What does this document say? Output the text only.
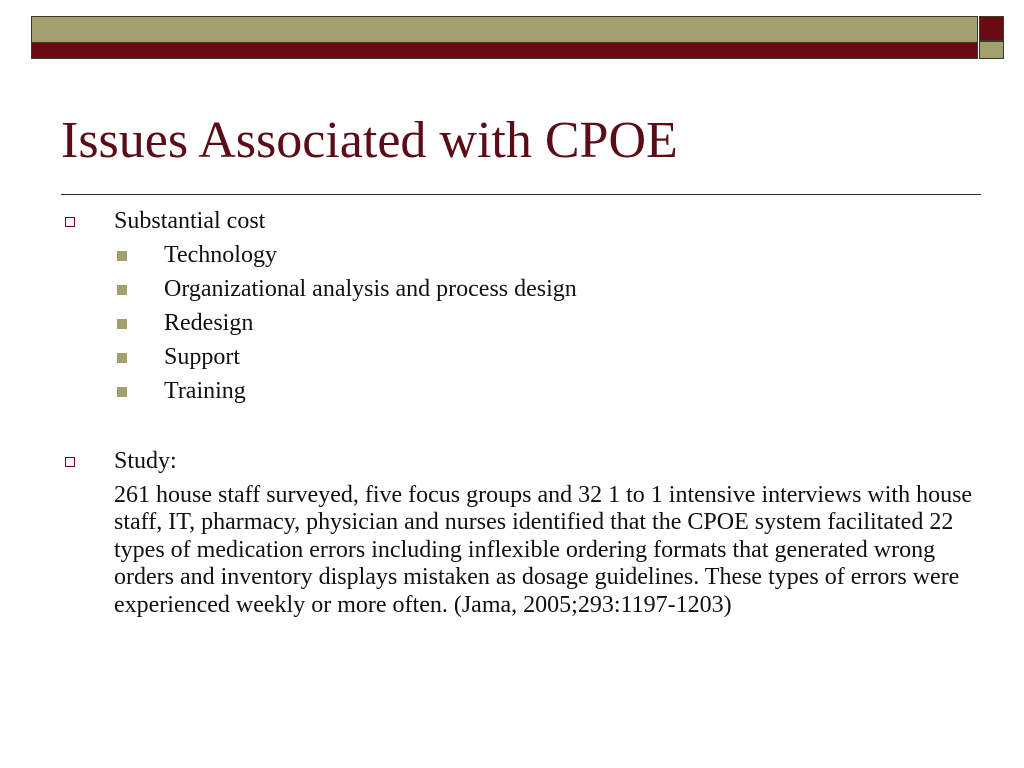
Issues Associated with CPOE
Substantial cost
Technology
Organizational analysis and process design
Redesign
Support
Training
Study:

261 house staff surveyed, five focus groups and 32 1 to 1 intensive interviews with house staff, IT, pharmacy, physician and nurses identified that the CPOE system facilitated 22 types of medication errors including inflexible ordering formats that generated wrong orders and inventory displays mistaken as dosage guidelines. These types of errors were experienced weekly or more often. (Jama, 2005;293:1197-1203)
